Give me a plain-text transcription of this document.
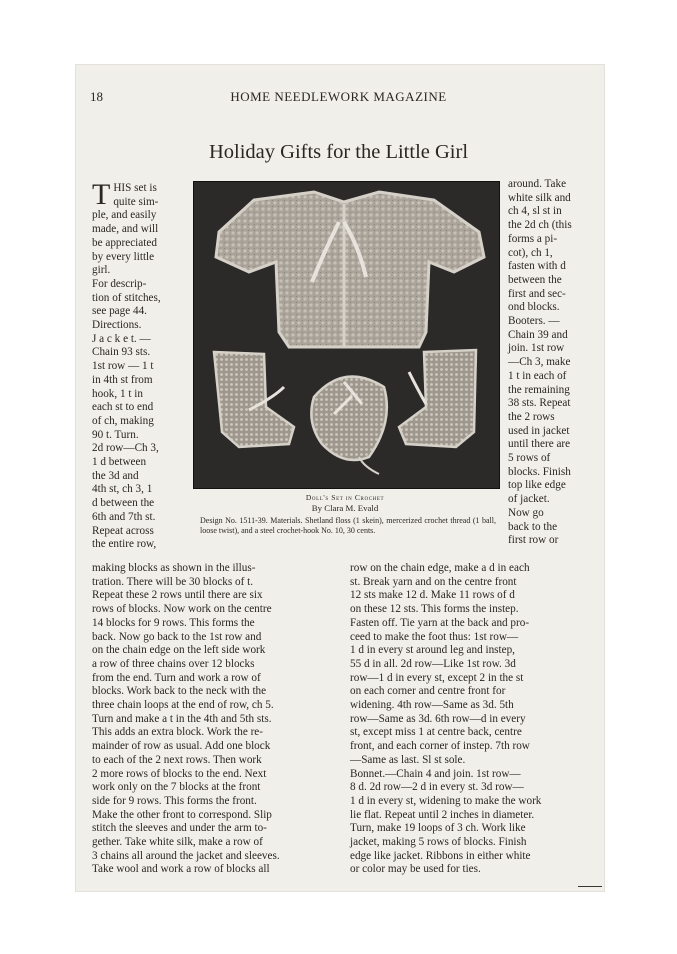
18	HOME NEEDLEWORK MAGAZINE
Holiday Gifts for the Little Girl
T HIS set is

quite sim-

ple, and easily

made, and will

be appreciated

by every little

girl.

For descrip-

tion of stitches,

see page 44.

Directions.

J a c k e t. —

Chain 93 sts.

1st row — 1 t

in 4th st from

hook, 1 t in

each st to end

of ch, making

90 t. Turn.

2d row—Ch 3,

1 d between

the 3d and

4th st, ch 3, 1

d between the

6th and 7th st.

Repeat across

the entire row,

around. Take

white silk and

ch 4, sl st in

the 2d ch (this

forms a pi-

cot), ch 1,

fasten with d

between the

first and sec-

ond blocks.

Booters. —

Chain 39 and

join. 1st row

—Ch 3, make

1 t in each of

the remaining

38 sts. Repeat

the 2 rows

used in jacket

until there are

5 rows of

blocks. Finish

top like edge

of jacket.

Now go

back to the

first row or

Doll's Set in Crochet
By Clara M. Evald
Design No. 1511-39. Materials. Shetland floss (1 skein), mercerized crochet thread (1 ball, loose twist), and a steel crochet-hook No. 10, 30 cents.

making blocks as shown in the illus-

tration. There will be 30 blocks of t.

Repeat these 2 rows until there are six

rows of blocks. Now work on the centre

14 blocks for 9 rows. This forms the

back. Now go back to the 1st row and

on the chain edge on the left side work

a row of three chains over 12 blocks

from the end. Turn and work a row of

blocks. Work back to the neck with the

three chain loops at the end of row, ch 5.

Turn and make a t in the 4th and 5th sts.

This adds an extra block. Work the re-

mainder of row as usual. Add one block

to each of the 2 next rows. Then work

2 more rows of blocks to the end. Next

work only on the 7 blocks at the front

side for 9 rows. This forms the front.

Make the other front to correspond. Slip

stitch the sleeves and under the arm to-

gether. Take white silk, make a row of

3 chains all around the jacket and sleeves.

Take wool and work a row of blocks all

row on the chain edge, make a d in each

st. Break yarn and on the centre front

12 sts make 12 d. Make 11 rows of d

on these 12 sts. This forms the instep.

Fasten off. Tie yarn at the back and pro-

ceed to make the foot thus: 1st row—

1 d in every st around leg and instep,

55 d in all. 2d row—Like 1st row. 3d

row—1 d in every st, except 2 in the st

on each corner and centre front for

widening. 4th row—Same as 3d. 5th

row—Same as 3d. 6th row—d in every

st, except miss 1 at centre back, centre

front, and each corner of instep. 7th row

—Same as last. Sl st sole.

Bonnet.—Chain 4 and join. 1st row—

8 d. 2d row—2 d in every st. 3d row—

1 d in every st, widening to make the work

lie flat. Repeat until 2 inches in diameter.

Turn, make 19 loops of 3 ch. Work like

jacket, making 5 rows of blocks. Finish

edge like jacket. Ribbons in either white

or color may be used for ties.
